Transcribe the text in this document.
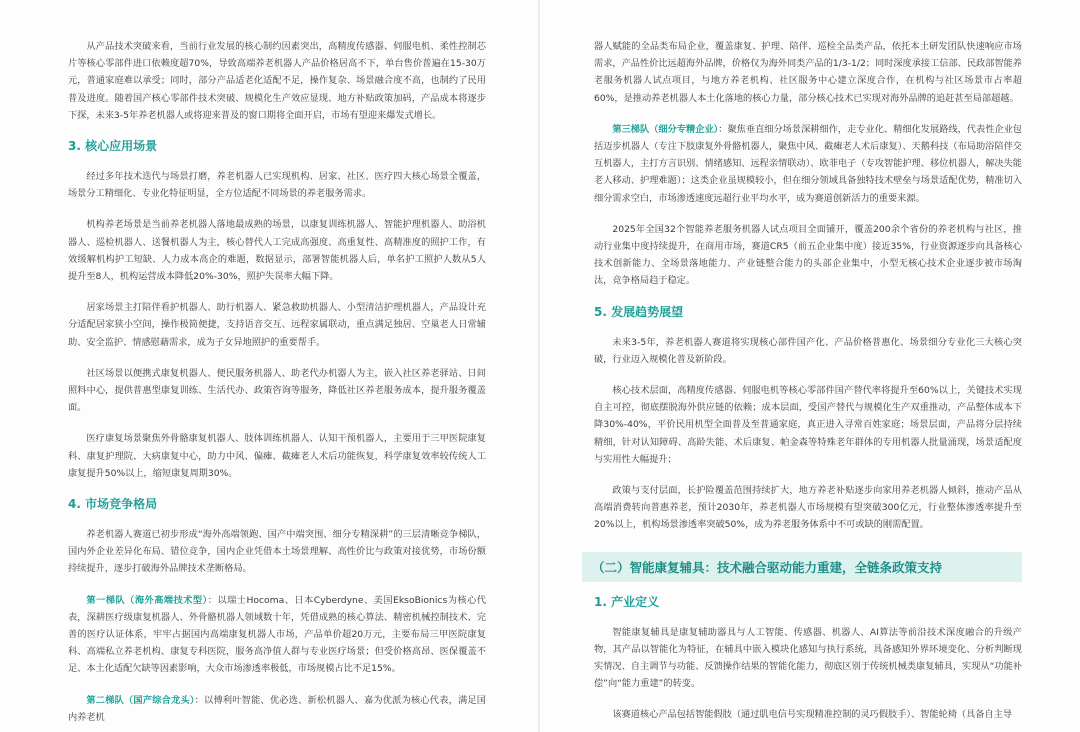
从产品技术突破来看，当前行业发展的核心制约因素突出，高精度传感器、伺服电机、柔性控制芯片等核心零部件进口依赖度超70%，导致高端养老机器人产品价格居高不下，单台售价普遍在15-30万元，普通家庭难以承受；同时，部分产品适老化适配不足，操作复杂、场景融合度不高，也制约了民用普及进度。随着国产核心零部件技术突破、规模化生产效应显现、地方补贴政策加码，产品成本将逐步下探，未来3-5年养老机器人或将迎来普及的窗口期将全面开启，市场有望迎来爆发式增长。

3. 核心应用场景

经过多年技术迭代与场景打磨，养老机器人已实现机构、居家、社区、医疗四大核心场景全覆盖，场景分工精细化、专业化特征明显，全方位适配不同场景的养老服务需求。

机构养老场景是当前养老机器人落地最成熟的场景，以康复训练机器人、智能护理机器人、助浴机器人、巡检机器人、送餐机器人为主，核心替代人工完成高强度、高重复性、高精准度的照护工作，有效缓解机构护工短缺、人力成本高企的难题，数据显示，部署智能机器人后，单名护工照护人数从5人提升至8人，机构运营成本降低20%-30%，照护失误率大幅下降。

居家场景主打陪伴看护机器人、助行机器人、紧急救助机器人、小型清洁护理机器人，产品设计充分适配居家狭小空间，操作极简便捷，支持语音交互、远程家属联动，重点满足独居、空巢老人日常辅助、安全监护、情感慰藉需求，成为子女异地照护的重要帮手。

社区场景以便携式康复机器人、便民服务机器人、助老代办机器人为主，嵌入社区养老驿站、日间照料中心，提供普惠型康复训练、生活代办、政策咨询等服务，降低社区养老服务成本，提升服务覆盖面。

医疗康复场景聚焦外骨骼康复机器人、肢体训练机器人、认知干预机器人，主要用于三甲医院康复科、康复护理院、大病康复中心，助力中风、偏瘫、截瘫老人术后功能恢复，科学康复效率较传统人工康复提升50%以上，缩短康复周期30%。

4. 市场竞争格局

养老机器人赛道已初步形成“海外高端领跑、国产中端突围、细分专精深耕”的三层清晰竞争梯队，国内外企业差异化布局、错位竞争，国内企业凭借本土场景理解、高性价比与政策对接优势，市场份额持续提升，逐步打破海外品牌技术垄断格局。

第一梯队（海外高端技术型）：以瑞士Hocoma、日本Cyberdyne、美国EksoBionics为核心代表，深耕医疗级康复机器人、外骨骼机器人领域数十年，凭借成熟的核心算法、精密机械控制技术、完善的医疗认证体系，牢牢占据国内高端康复机器人市场，产品单价超20万元，主要布局三甲医院康复科、高端私立养老机构、康复专科医院，服务高净值人群与专业医疗场景；但受价格高昂、医保覆盖不足、本土化适配欠缺等因素影响，大众市场渗透率极低，市场规模占比不足15%。

第二梯队（国产综合龙头）：以傅利叶智能、优必选、新松机器人、嘉为优派为核心代表，满足国内养老机

器人赋能的全品类布局企业，覆盖康复、护理、陪伴、巡检全品类产品，依托本土研发团队快速响应市场需求，产品性价比远超海外品牌，价格仅为海外同类产品的1/3-1/2；同时深度承接工信部、民政部智能养老服务机器人试点项目，与地方养老机构、社区服务中心建立深度合作，在机构与社区场景市占率超60%，是推动养老机器人本土化落地的核心力量，部分核心技术已实现对海外品牌的追赶甚至局部超越。

第三梯队（细分专精企业）：聚焦垂直细分场景深耕细作，走专业化、精细化发展路线，代表性企业包括迈步机器人（专注下肢康复外骨骼机器人，聚焦中风、截瘫老人术后康复）、天鹅科技（布局助浴陪伴交互机器人，主打方言识别、情绪感知、远程亲情联动）、欧菲电子（专攻智能护理、移位机器人，解决失能老人移动、护理难题）；这类企业虽规模较小，但在细分领域具备独特技术壁垒与场景适配优势，精准切入细分需求空白，市场渗透速度远超行业平均水平，成为赛道创新活力的重要来源。

2025年全国32个智能养老服务机器人试点项目全面铺开，覆盖200余个省份的养老机构与社区，推动行业集中度持续提升，在商用市场，赛道CR5（前五企业集中度）接近35%，行业资源逐步向具备核心技术创新能力、全场景落地能力、产业链整合能力的头部企业集中，小型无核心技术企业逐步被市场淘汰，竞争格局趋于稳定。

5. 发展趋势展望

未来3-5年，养老机器人赛道将实现核心部件国产化、产品价格普惠化、场景细分专业化三大核心突破，行业迈入规模化普及新阶段。

核心技术层面，高精度传感器、伺服电机等核心零部件国产替代率将提升至60%以上，关键技术实现自主可控，彻底摆脱海外供应链的依赖；成本层面，受国产替代与规模化生产双重推动，产品整体成本下降30%-40%，平价民用机型全面普及至普通家庭，真正进入寻常百姓家庭；场景层面，产品将分层持续精细，针对认知障碍、高龄失能、术后康复、帕金森等特殊老年群体的专用机器人批量涌现，场景适配度与实用性大幅提升；

政策与支付层面，长护险覆盖范围持续扩大，地方养老补贴逐步向家用养老机器人倾斜，推动产品从高端消费转向普惠养老，预计2030年，养老机器人市场规模有望突破300亿元，行业整体渗透率提升至20%以上，机构场景渗透率突破50%，成为养老服务体系中不可或缺的刚需配置。

（二）智能康复辅具：技术融合驱动能力重建，全链条政策支持
1. 产业定义

智能康复辅具是康复辅助器具与人工智能、传感器、机器人、AI算法等前沿技术深度融合的升级产物，其产品以智能化为特征，在辅具中嵌入模块化感知与执行系统，具备感知外界环境变化、分析判断现实情况、自主调节与功能、反馈操作结果的智能化能力，彻底区别于传统机械类康复辅具，实现从“功能补偿”向“能力重建”的转变。

该赛道核心产品包括智能假肢（通过肌电信号实现精准控制的灵巧假肢手）、智能轮椅（具备自主导
